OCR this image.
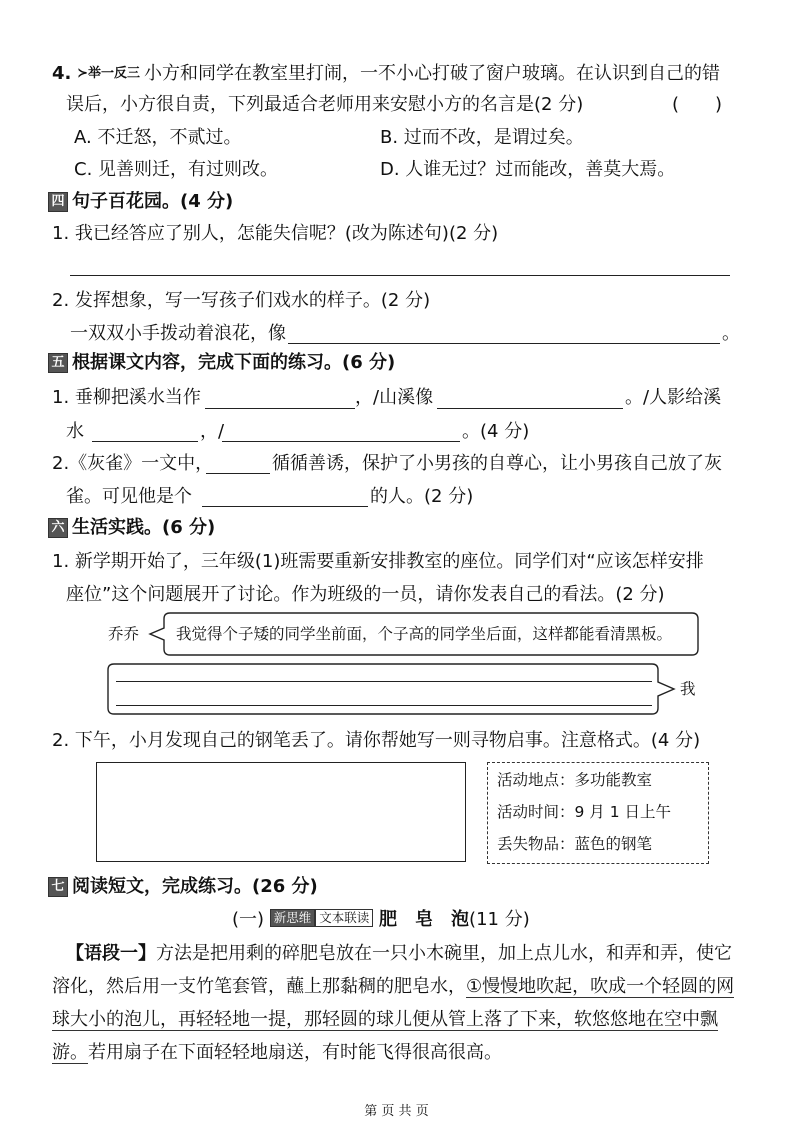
4. ≻举一反三 小方和同学在教室里打闹，一不小心打破了窗户玻璃。在认识到自己的错
误后，小方很自责，下列最适合老师用来安慰小方的名言是(2 分)	(　　)
A. 不迁怒，不贰过。	B. 过而不改，是谓过矣。
C. 见善则迁，有过则改。	D. 人谁无过？过而能改，善莫大焉。
四 句子百花园。(4 分)
1. 我已经答应了别人，怎能失信呢？(改为陈述句)(2 分)
2. 发挥想象，写一写孩子们戏水的样子。(2 分)
一双双小手拨动着浪花，像	。
五 根据课文内容，完成下面的练习。(6 分)
1. 垂柳把溪水当作	，/山溪像	。/人影给溪
水	，/	。(4 分)
2.《灰雀》一文中，	循循善诱，保护了小男孩的自尊心，让小男孩自己放了灰
雀。可见他是个	的人。(2 分)
六 生活实践。(6 分)
1. 新学期开始了，三年级(1)班需要重新安排教室的座位。同学们对“应该怎样安排
座位”这个问题展开了讨论。作为班级的一员，请你发表自己的看法。(2 分)
乔乔 我觉得个子矮的同学坐前面，个子高的同学坐后面，这样都能看清黑板。
我
2. 下午，小月发现自己的钢笔丢了。请你帮她写一则寻物启事。注意格式。(4 分)
活动地点：多功能教室
活动时间：9 月 1 日上午
丢失物品：蓝色的钢笔
七 阅读短文，完成练习。(26 分)
(一) 新思维 文本联读 肥　皂　泡(11 分)
【语段一】方法是把用剩的碎肥皂放在一只小木碗里，加上点儿水，和弄和弄，使它
溶化，然后用一支竹笔套管，蘸上那黏稠的肥皂水，①慢慢地吹起，吹成一个轻圆的网
球大小的泡儿，再轻轻地一提，那轻圆的球儿便从管上落了下来，软悠悠地在空中飘
游。若用扇子在下面轻轻地扇送，有时能飞得很高很高。
第 页 共 页
